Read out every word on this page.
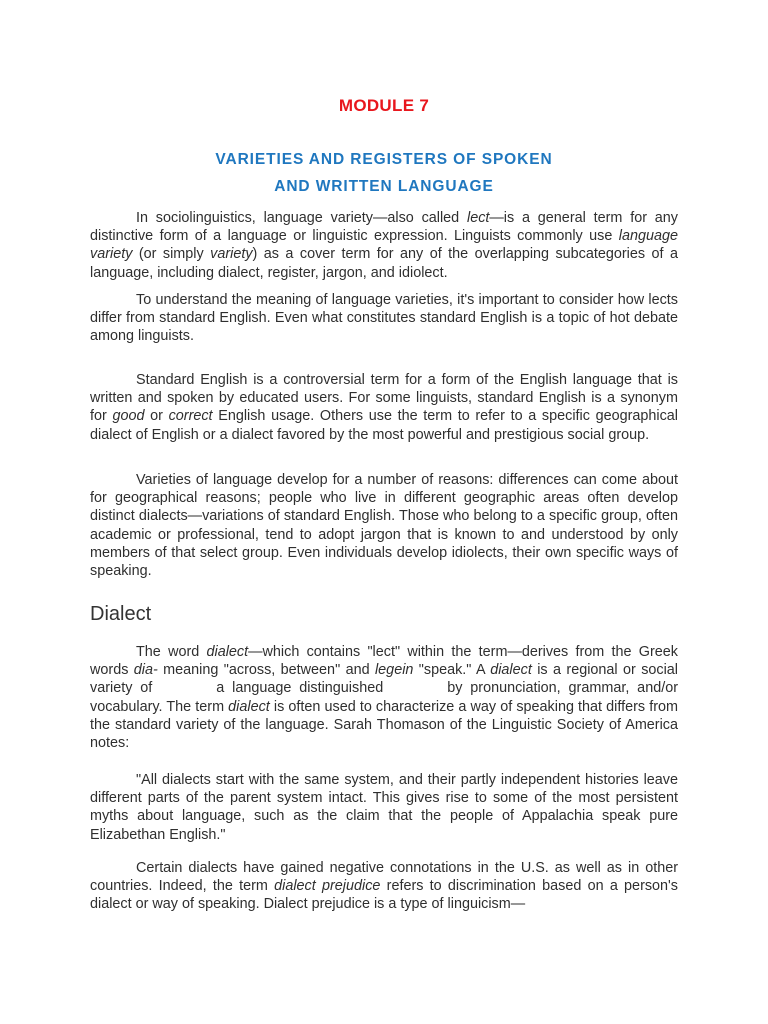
MODULE 7
VARIETIES AND REGISTERS OF SPOKEN
AND WRITTEN LANGUAGE

In sociolinguistics, language variety—also called lect—is a general term for any distinctive form of a language or linguistic expression. Linguists commonly use language variety (or simply variety) as a cover term for any of the overlapping subcategories of a language, including dialect, register, jargon, and idiolect.

To understand the meaning of language varieties, it's important to consider how lects differ from standard English. Even what constitutes standard English is a topic of hot debate among linguists.

Standard English is a controversial term for a form of the English language that is written and spoken by educated users. For some linguists, standard English is a synonym for good or correct English usage. Others use the term to refer to a specific geographical dialect of English or a dialect favored by the most powerful and prestigious social group.

Varieties of language develop for a number of reasons: differences can come about for geographical reasons; people who live in different geographic areas often develop distinct dialects—variations of standard English. Those who belong to a specific group, often academic or professional, tend to adopt jargon that is known to and understood by only members of that select group. Even individuals develop idiolects, their own specific ways of speaking.

Dialect

The word dialect—which contains "lect" within the term—derives from the Greek words dia- meaning "across, between" and legein "speak." A dialect is a regional or social variety of	a language distinguished	by pronunciation, grammar, and/or vocabulary. The term dialect is often used to characterize a way of speaking that differs from the standard variety of the language. Sarah Thomason of the Linguistic Society of America notes:

"All dialects start with the same system, and their partly independent histories leave different parts of the parent system intact. This gives rise to some of the most persistent myths about language, such as the claim that the people of Appalachia speak pure Elizabethan English."

Certain dialects have gained negative connotations in the U.S. as well as in other countries. Indeed, the term dialect prejudice refers to discrimination based on a person's dialect or way of speaking. Dialect prejudice is a type of linguicism—
